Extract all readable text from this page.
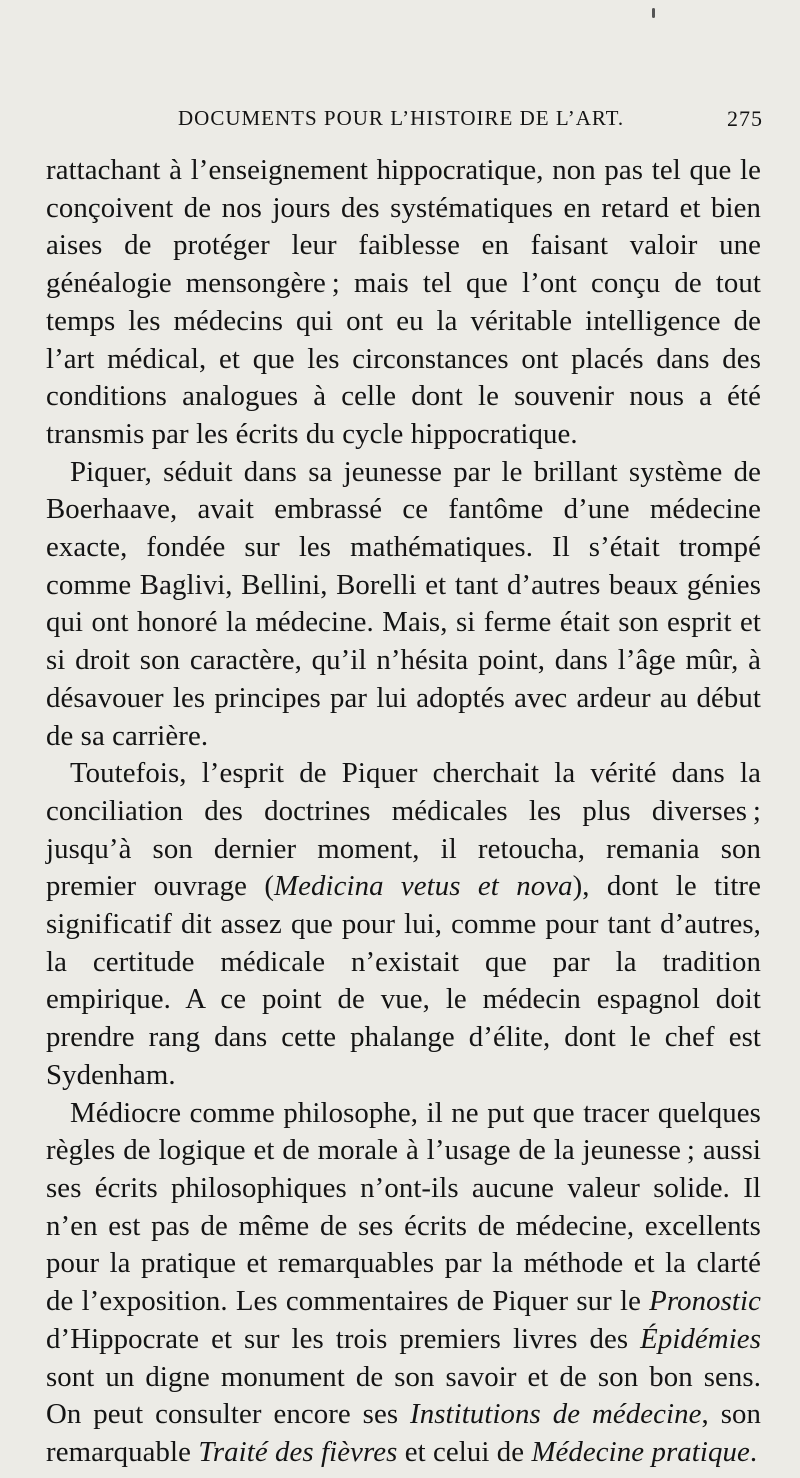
DOCUMENTS POUR L’HISTOIRE DE L’ART.	275

rattachant à l’enseignement hippocratique, non pas tel que le conçoivent de nos jours des systématiques en retard et bien aises de protéger leur faiblesse en faisant valoir une généalogie mensongère ; mais tel que l’ont conçu de tout temps les médecins qui ont eu la véritable intelligence de l’art médical, et que les circonstances ont placés dans des conditions analogues à celle dont le souvenir nous a été transmis par les écrits du cycle hippocratique.

Piquer, séduit dans sa jeunesse par le brillant système de Boerhaave, avait embrassé ce fantôme d’une médecine exacte, fondée sur les mathématiques. Il s’était trompé comme Baglivi, Bellini, Borelli et tant d’autres beaux génies qui ont honoré la médecine. Mais, si ferme était son esprit et si droit son caractère, qu’il n’hésita point, dans l’âge mûr, à désavouer les principes par lui adoptés avec ardeur au début de sa carrière.

Toutefois, l’esprit de Piquer cherchait la vérité dans la conciliation des doctrines médicales les plus diverses ; jusqu’à son dernier moment, il retoucha, remania son premier ouvrage (Medicina vetus et nova), dont le titre significatif dit assez que pour lui, comme pour tant d’autres, la certitude médicale n’existait que par la tradition empirique. A ce point de vue, le médecin espagnol doit prendre rang dans cette phalange d’élite, dont le chef est Sydenham.

Médiocre comme philosophe, il ne put que tracer quelques règles de logique et de morale à l’usage de la jeunesse ; aussi ses écrits philosophiques n’ont-ils aucune valeur solide. Il n’en est pas de même de ses écrits de médecine, excellents pour la pratique et remarquables par la méthode et la clarté de l’exposition. Les commentaires de Piquer sur le Pronostic d’Hippocrate et sur les trois premiers livres des Épidémies sont un digne monument de son savoir et de son bon sens. On peut consulter encore ses Institutions de médecine, son remarquable Traité des fièvres et celui de Médecine pratique.
